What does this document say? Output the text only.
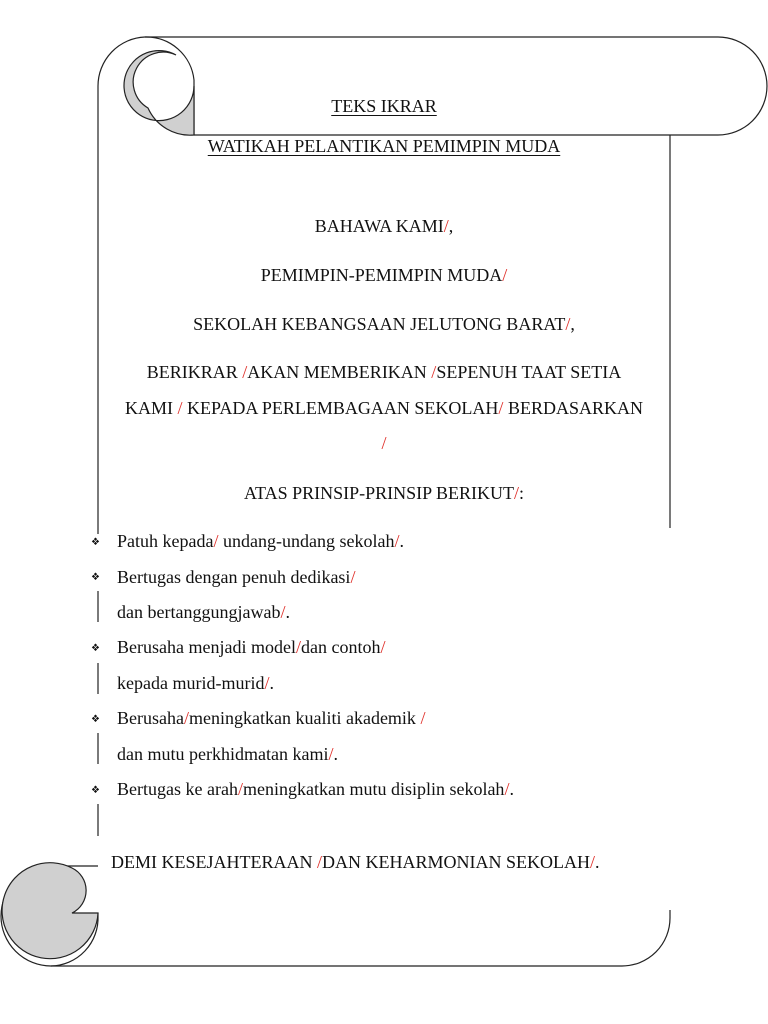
TEKS IKRAR
WATIKAH PELANTIKAN PEMIMPIN MUDA
BAHAWA KAMI/,
PEMIMPIN-PEMIMPIN MUDA/
SEKOLAH KEBANGSAAN JELUTONG BARAT/,
BERIKRAR /AKAN MEMBERIKAN /SEPENUH TAAT SETIA
KAMI / KEPADA PERLEMBAGAAN SEKOLAH/ BERDASARKAN
/
ATAS PRINSIP-PRINSIP BERIKUT/:
❖ Patuh kepada/ undang-undang sekolah/.
❖ Bertugas dengan penuh dedikasi/
dan bertanggungjawab/.
❖ Berusaha menjadi model/dan contoh/
kepada murid-murid/.
❖ Berusaha/meningkatkan kualiti akademik /
dan mutu perkhidmatan kami/.
❖ Bertugas ke arah/meningkatkan mutu disiplin sekolah/.
DEMI KESEJAHTERAAN /DAN KEHARMONIAN SEKOLAH/.
